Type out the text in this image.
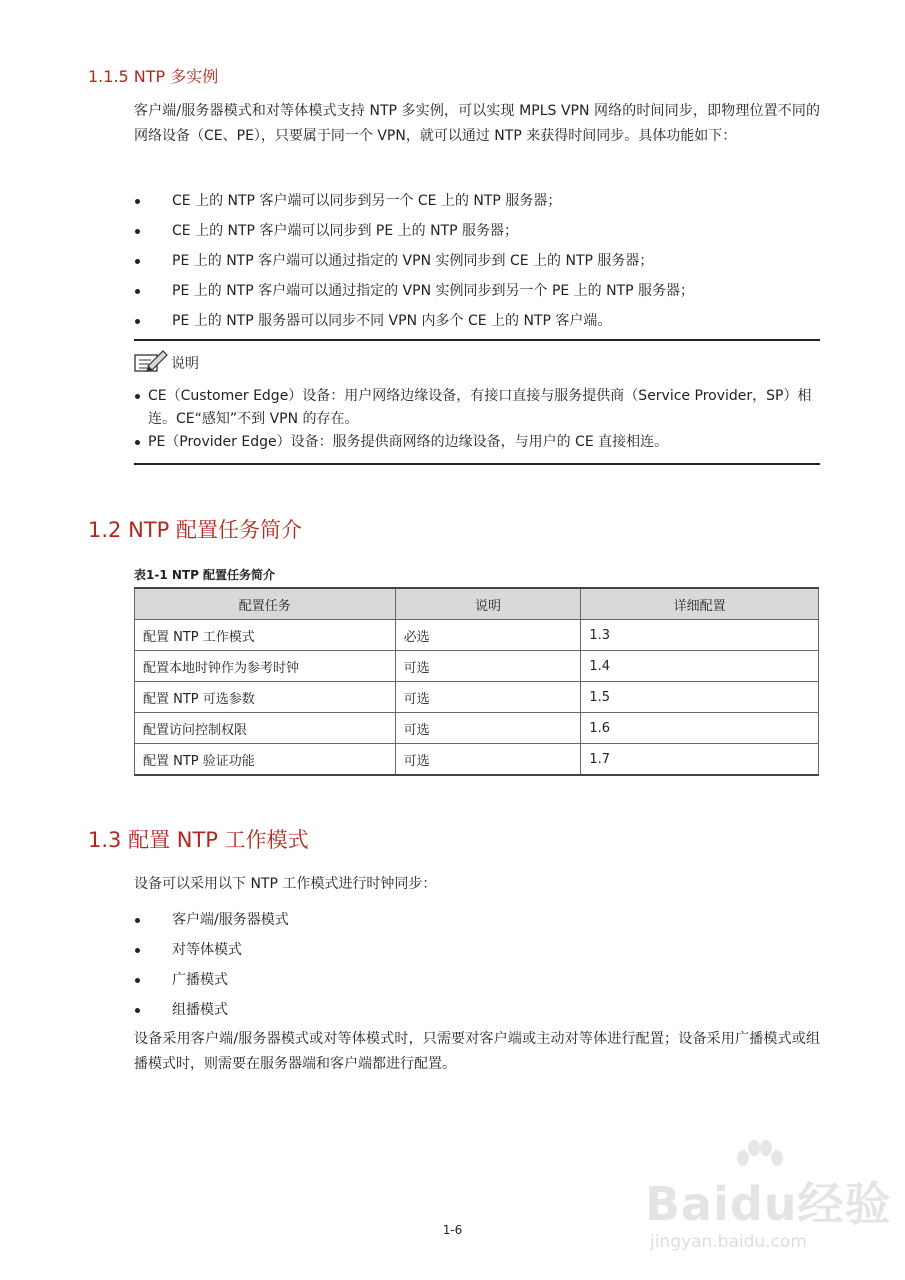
1.1.5 NTP 多实例

客户端/服务器模式和对等体模式支持 NTP 多实例，可以实现 MPLS VPN 网络的时间同步，即物理位置不同的网络设备（CE、PE），只要属于同一个 VPN，就可以通过 NTP 来获得时间同步。具体功能如下：

CE 上的 NTP 客户端可以同步到另一个 CE 上的 NTP 服务器；
CE 上的 NTP 客户端可以同步到 PE 上的 NTP 服务器；
PE 上的 NTP 客户端可以通过指定的 VPN 实例同步到 CE 上的 NTP 服务器；
PE 上的 NTP 客户端可以通过指定的 VPN 实例同步到另一个 PE 上的 NTP 服务器；
PE 上的 NTP 服务器可以同步不同 VPN 内多个 CE 上的 NTP 客户端。
说明
CE（Customer Edge）设备：用户网络边缘设备，有接口直接与服务提供商（Service Provider，SP）相连。CE“感知”不到 VPN 的存在。
PE（Provider Edge）设备：服务提供商网络的边缘设备，与用户的 CE 直接相连。
1.2 NTP 配置任务简介
表1-1 NTP 配置任务简介
配置任务	说明	详细配置
配置 NTP 工作模式	必选	1.3
配置本地时钟作为参考时钟	可选	1.4
配置 NTP 可选参数	可选	1.5
配置访问控制权限	可选	1.6
配置 NTP 验证功能	可选	1.7
1.3 配置 NTP 工作模式

设备可以采用以下 NTP 工作模式进行时钟同步：

客户端/服务器模式
对等体模式
广播模式
组播模式

设备采用客户端/服务器模式或对等体模式时，只需要对客户端或主动对等体进行配置；设备采用广播模式或组播模式时，则需要在服务器端和客户端都进行配置。

Baidu经验
jingyan.baidu.com
1-6
